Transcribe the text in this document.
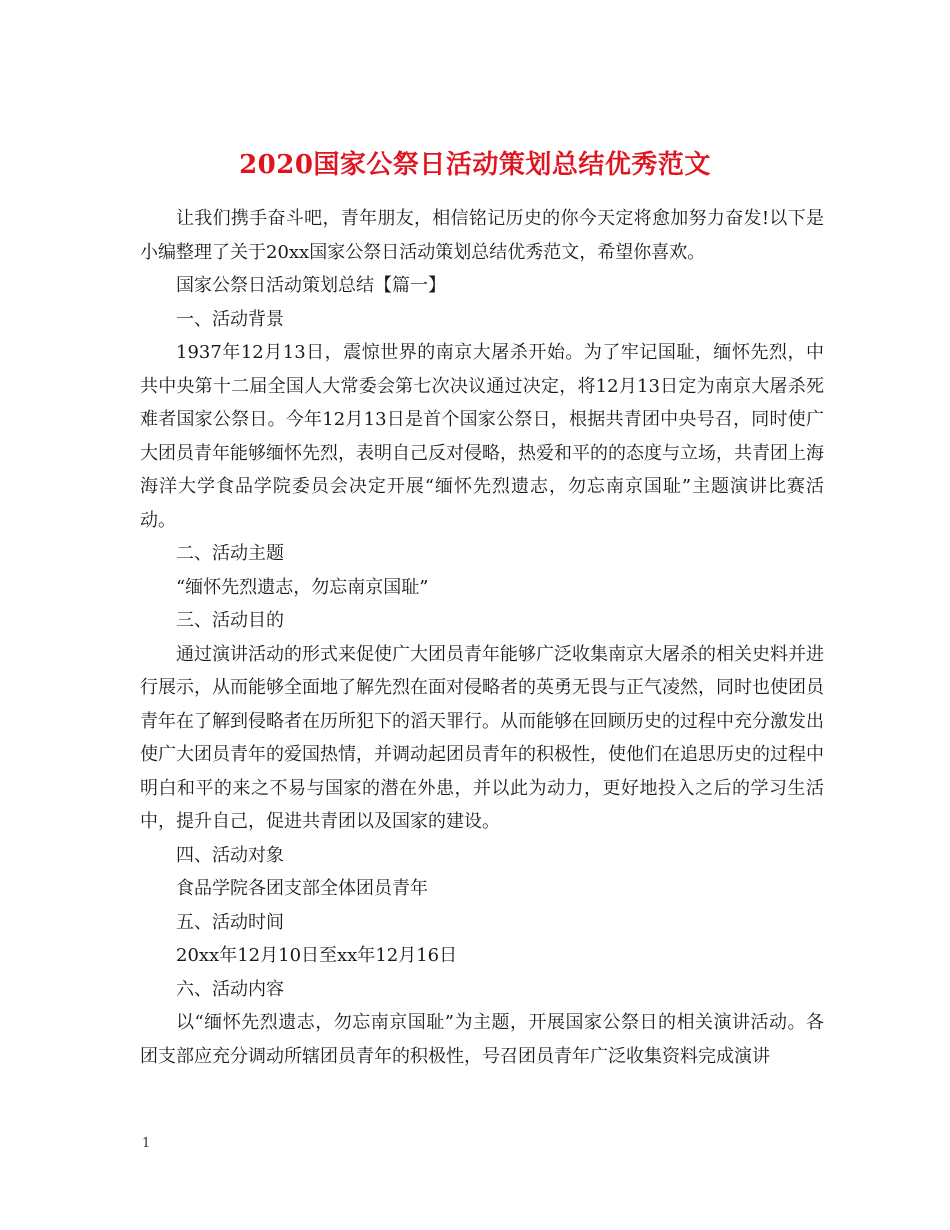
2020国家公祭日活动策划总结优秀范文

让我们携手奋斗吧，青年朋友，相信铭记历史的你今天定将愈加努力奋发!以下是小编整理了关于20xx国家公祭日活动策划总结优秀范文，希望你喜欢。

国家公祭日活动策划总结【篇一】

一、活动背景

1937年12月13日，震惊世界的南京大屠杀开始。为了牢记国耻，缅怀先烈，中共中央第十二届全国人大常委会第七次决议通过决定，将12月13日定为南京大屠杀死难者国家公祭日。今年12月13日是首个国家公祭日，根据共青团中央号召，同时使广大团员青年能够缅怀先烈，表明自己反对侵略，热爱和平的的态度与立场，共青团上海海洋大学食品学院委员会决定开展“缅怀先烈遗志，勿忘南京国耻”主题演讲比赛活动。

二、活动主题

“缅怀先烈遗志，勿忘南京国耻”

三、活动目的

通过演讲活动的形式来促使广大团员青年能够广泛收集南京大屠杀的相关史料并进行展示，从而能够全面地了解先烈在面对侵略者的英勇无畏与正气凌然，同时也使团员青年在了解到侵略者在历所犯下的滔天罪行。从而能够在回顾历史的过程中充分激发出使广大团员青年的爱国热情，并调动起团员青年的积极性，使他们在追思历史的过程中明白和平的来之不易与国家的潜在外患，并以此为动力，更好地投入之后的学习生活中，提升自己，促进共青团以及国家的建设。

四、活动对象

食品学院各团支部全体团员青年

五、活动时间

20xx年12月10日至xx年12月16日

六、活动内容

以“缅怀先烈遗志，勿忘南京国耻”为主题，开展国家公祭日的相关演讲活动。各团支部应充分调动所辖团员青年的积极性，号召团员青年广泛收集资料完成演讲

1
